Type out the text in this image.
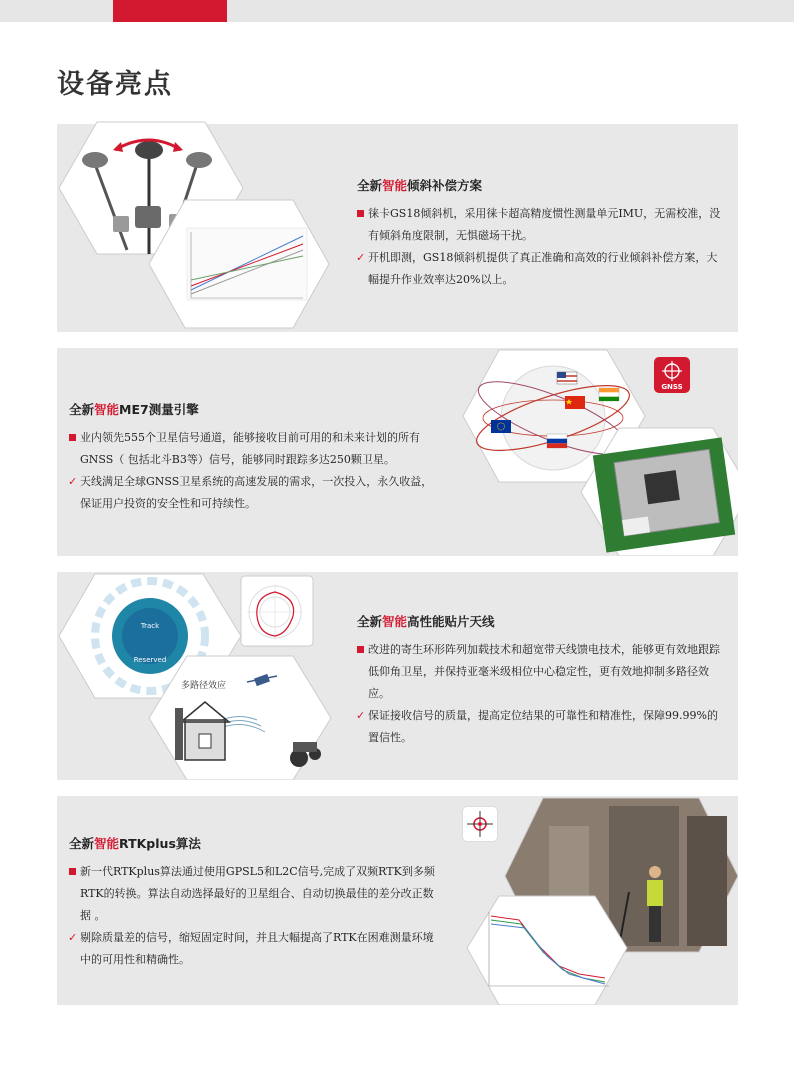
设备亮点

全新智能倾斜补偿方案

徕卡GS18倾斜机，采用徕卡超高精度惯性测量单元IMU，无需校准，没有倾斜角度限制，无惧磁场干扰。

✓ 开机即测，GS18倾斜机提供了真正准确和高效的行业倾斜补偿方案，大幅提升作业效率达20%以上。

全新智能ME7测量引擎

业内领先555个卫星信号通道，能够接收目前可用的和未来计划的所有GNSS（ 包括北斗B3等）信号，能够同时跟踪多达250颗卫星。

✓ 天线满足全球GNSS卫星系统的高速发展的需求，一次投入，永久收益，保证用户投资的安全性和可持续性。

GNSS
Track
Reserved
多路径效应

全新智能高性能贴片天线

改进的寄生环形阵列加载技术和超宽带天线馈电技术，能够更有效地跟踪低仰角卫星，并保持亚毫米级相位中心稳定性，更有效地抑制多路径效应。

✓ 保证接收信号的质量，提高定位结果的可靠性和精准性，保障99.99%的置信性。

全新智能RTKplus算法

新一代RTKplus算法通过使用GPSL5和L2C信号,完成了双频RTK到多频RTK的转换。算法自动选择最好的卫星组合、自动切换最佳的差分改正数据 。

✓ 剔除质量差的信号，缩短固定时间，并且大幅提高了RTK在困难测量环境中的可用性和精确性。
